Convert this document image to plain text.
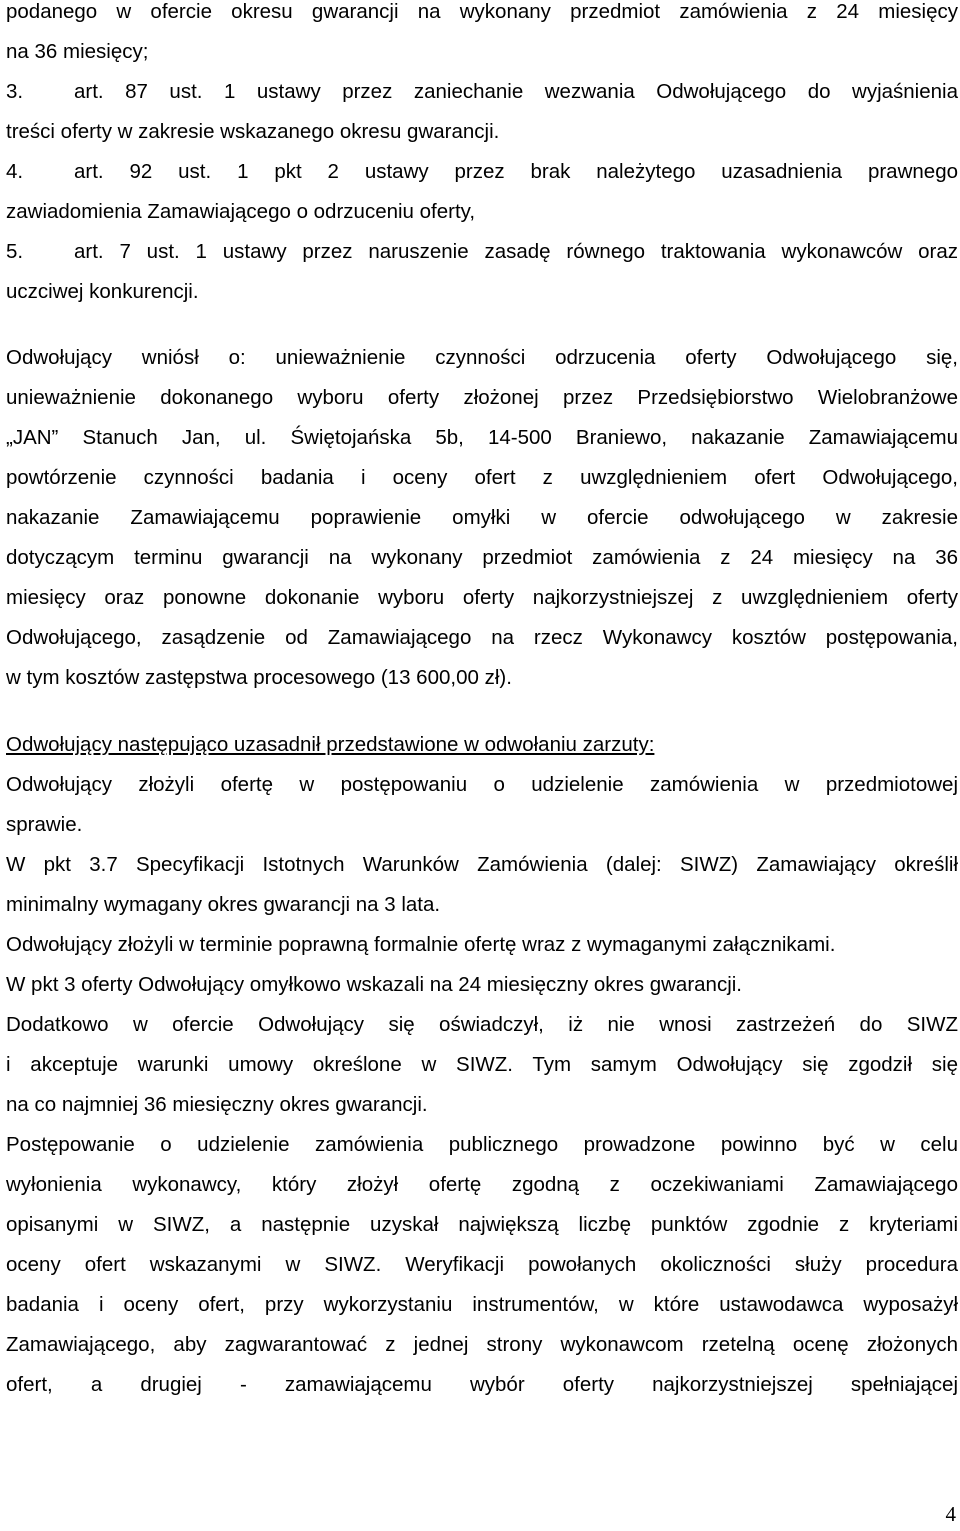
podanego w ofercie okresu gwarancji na wykonany przedmiot zamówienia z 24 miesięcy
na 36 miesięcy;
3. art. 87 ust. 1 ustawy przez zaniechanie wezwania Odwołującego do wyjaśnienia
treści oferty w zakresie wskazanego okresu gwarancji.
4. art. 92 ust. 1 pkt 2 ustawy przez brak należytego uzasadnienia prawnego
zawiadomienia Zamawiającego o odrzuceniu oferty,
5. art. 7 ust. 1 ustawy przez naruszenie zasadę równego traktowania wykonawców oraz
uczciwej konkurencji.
Odwołujący wniósł o: unieważnienie czynności odrzucenia oferty Odwołującego się,
unieważnienie dokonanego wyboru oferty złożonej przez Przedsiębiorstwo Wielobranżowe
„JAN” Stanuch Jan, ul. Świętojańska 5b, 14-500 Braniewo, nakazanie Zamawiającemu
powtórzenie czynności badania i oceny ofert z uwzględnieniem ofert Odwołującego,
nakazanie Zamawiającemu poprawienie omyłki w ofercie odwołującego w zakresie
dotyczącym terminu gwarancji na wykonany przedmiot zamówienia z 24 miesięcy na 36
miesięcy oraz ponowne dokonanie wyboru oferty najkorzystniejszej z uwzględnieniem oferty
Odwołującego, zasądzenie od Zamawiającego na rzecz Wykonawcy kosztów postępowania,
w tym kosztów zastępstwa procesowego (13 600,00 zł).
Odwołujący następująco uzasadnił przedstawione w odwołaniu zarzuty:
Odwołujący złożyli ofertę w postępowaniu o udzielenie zamówienia w przedmiotowej
sprawie.
W pkt 3.7 Specyfikacji Istotnych Warunków Zamówienia (dalej: SIWZ) Zamawiający określił
minimalny wymagany okres gwarancji na 3 lata.
Odwołujący złożyli w terminie poprawną formalnie ofertę wraz z wymaganymi załącznikami.
W pkt 3 oferty Odwołujący omyłkowo wskazali na 24 miesięczny okres gwarancji.
Dodatkowo w ofercie Odwołujący się oświadczył, iż nie wnosi zastrzeżeń do SIWZ
i akceptuje warunki umowy określone w SIWZ. Tym samym Odwołujący się zgodził się
na co najmniej 36 miesięczny okres gwarancji.
Postępowanie o udzielenie zamówienia publicznego prowadzone powinno być w celu
wyłonienia wykonawcy, który złożył ofertę zgodną z oczekiwaniami Zamawiającego
opisanymi w SIWZ, a następnie uzyskał największą liczbę punktów zgodnie z kryteriami
oceny ofert wskazanymi w SIWZ. Weryfikacji powołanych okoliczności służy procedura
badania i oceny ofert, przy wykorzystaniu instrumentów, w które ustawodawca wyposażył
Zamawiającego, aby zagwarantować z jednej strony wykonawcom rzetelną ocenę złożonych
ofert, a drugiej - zamawiającemu wybór oferty najkorzystniejszej spełniającej
4
